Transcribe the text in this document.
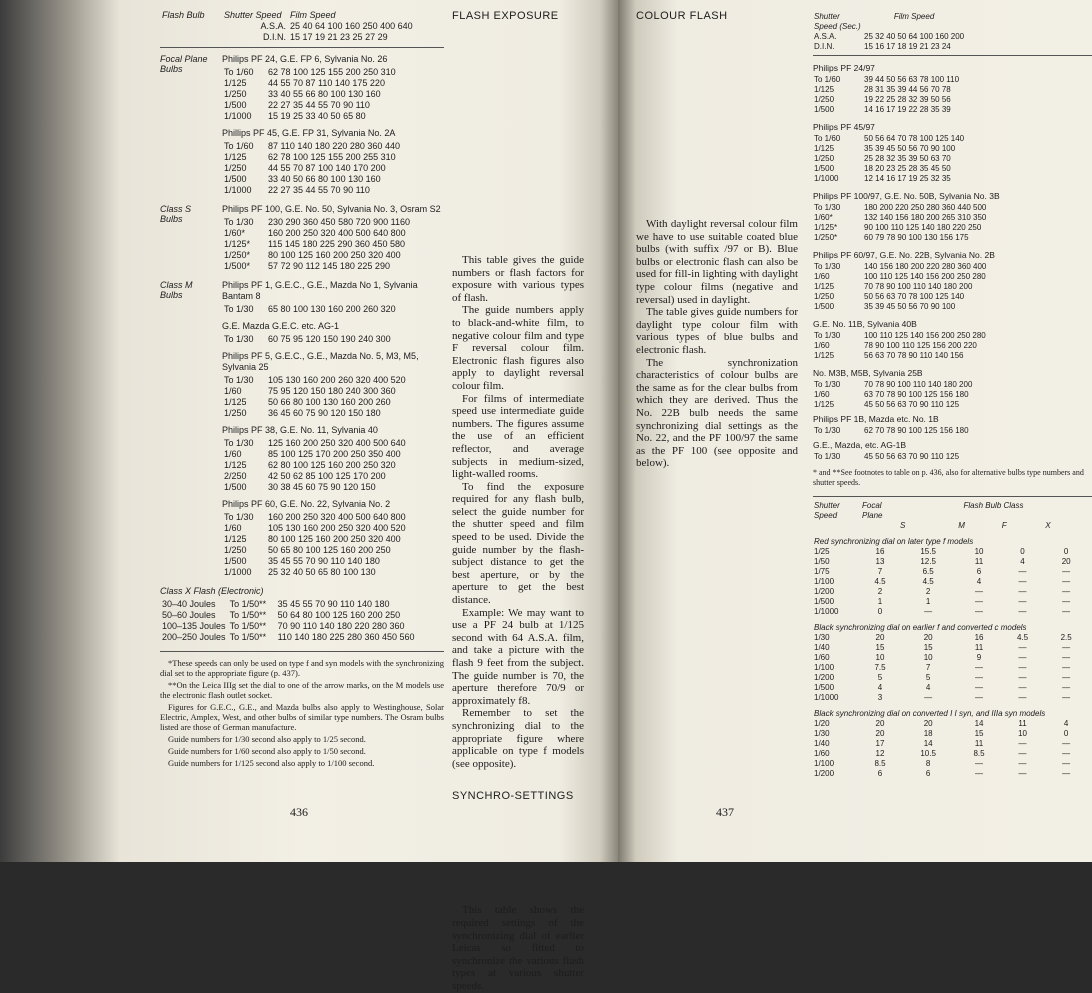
Flash Bulb	Shutter Speed	Film Speed
	A.S.A.	25 40 64 100 160 250 400 640
	D.I.N.	15 17 19 21 23 25 27 29
Focal Plane Bulbs
Philips PF 24, G.E. FP 6, Sylvania No. 26
To 1/60	62 78 100 125 155 200 250 310
1/125	44 55 70 87 110 140 175 220
1/250	33 40 55 66 80 100 130 160
1/500	22 27 35 44 55 70 90 110
1/1000	15 19 25 33 40 50 65 80
Phillips PF 45, G.E. FP 31, Sylvania No. 2A
To 1/60	87 110 140 180 220 280 360 440
1/125	62 78 100 125 155 200 255 310
1/250	44 55 70 87 100 140 170 200
1/500	33 40 50 66 80 100 130 160
1/1000	22 27 35 44 55 70 90 110
Class S Bulbs
Philips PF 100, G.E. No. 50, Sylvania No. 3, Osram S2
To 1/30	230 290 360 450 580 720 900 1160
1/60*	160 200 250 320 400 500 640 800
1/125*	115 145 180 225 290 360 450 580
1/250*	80 100 125 160 200 250 320 400
1/500*	57 72 90 112 145 180 225 290
Class M Bulbs
Philips PF 1, G.E.C., G.E., Mazda No 1, Sylvania Bantam 8
To 1/30	65 80 100 130 160 200 260 320
G.E. Mazda G.E.C. etc. AG-1
To 1/30	60 75 95 120 150 190 240 300
Philips PF 5, G.E.C., G.E., Mazda No. 5, M3, M5, Sylvania 25
To 1/30	105 130 160 200 260 320 400 520
1/60	75 95 120 150 180 240 300 360
1/125	50 66 80 100 130 160 200 260
1/250	36 45 60 75 90 120 150 180
Philips PF 38, G.E. No. 11, Sylvania 40
To 1/30	125 160 200 250 320 400 500 640
1/60	85 100 125 170 200 250 350 400
1/125	62 80 100 125 160 200 250 320
2/250	42 50 62 85 100 125 170 200
1/500	30 38 45 60 75 90 120 150
Philips PF 60, G.E. No. 22, Sylvania No. 2
To 1/30	160 200 250 320 400 500 640 800
1/60	105 130 160 200 250 320 400 520
1/125	80 100 125 160 200 250 320 400
1/250	50 65 80 100 125 160 200 250
1/500	35 45 55 70 90 110 140 180
1/1000	25 32 40 50 65 80 100 130
Class X Flash (Electronic)
30–40 Joules	To 1/50**	35 45 55 70 90 110 140 180
50–60 Joules	To 1/50**	50 64 80 100 125 160 200 250
100–135 Joules	To 1/50**	70 90 110 140 180 220 280 360
200–250 Joules	To 1/50**	110 140 180 225 280 360 450 560

*These speeds can only be used on type f and syn models with the synchronizing dial set to the appropriate figure (p. 437).

**On the Leica IIIg set the dial to one of the arrow marks, on the M models use the electronic flash outlet socket.

Figures for G.E.C., G.E., and Mazda bulbs also apply to Westinghouse, Solar Electric, Amplex, West, and other bulbs of similar type numbers. The Osram bulbs listed are those of German manufacture.

Guide numbers for 1/30 second also apply to 1/25 second.

Guide numbers for 1/60 second also apply to 1/50 second.

Guide numbers for 1/125 second also apply to 1/100 second.

436
FLASH EXPOSURE

This table gives the guide numbers or flash factors for exposure with various types of flash.

The guide numbers apply to black-and-white film, to negative colour film and type F reversal colour film. Electronic flash figures also apply to daylight reversal colour film.

For films of intermediate speed use intermediate guide numbers. The figures assume the use of an efficient reflector, and average subjects in medium-sized, light-walled rooms.

To find the exposure required for any flash bulb, select the guide number for the shutter speed and film speed to be used. Divide the guide number by the flash-subject distance to get the best aperture, or by the aperture to get the best distance.

Example: We may want to use a PF 24 bulb at 1/125 second with 64 A.S.A. film, and take a picture with the flash 9 feet from the subject. The guide number is 70, the aperture therefore 70/9 or approximately f8.

Remember to set the synchronizing dial to the appropriate figure where applicable on type f models (see opposite).

SYNCHRO-SETTINGS

This table shows the required settings of the synchronizing dial of earlier Leicas so fitted to synchronize the various flash types at various shutter speeds.

COLOUR FLASH

With daylight reversal colour film we have to use suitable coated blue bulbs (with suffix /97 or B). Blue bulbs or electronic flash can also be used for fill-in lighting with daylight type colour films (negative and reversal) used in daylight.

The table gives guide numbers for daylight type colour film with various types of blue bulbs and electronic flash.

The synchronization characteristics of colour bulbs are the same as for the clear bulbs from which they are derived. Thus the No. 22B bulb needs the same synchronizing dial settings as the No. 22, and the PF 100/97 the same as the PF 100 (see opposite and below).

437
Shutter Speed (Sec.)	Film Speed
A.S.A.	25 32 40 50 64 100 160 200
D.I.N.	15 16 17 18 19 21 23 24
Philips PF 24/97
To 1/60	39 44 50 56 63 78 100 110
1/125	28 31 35 39 44 56 70 78
1/250	19 22 25 28 32 39 50 56
1/500	14 16 17 19 22 28 35 39
Philips PF 45/97
To 1/60	50 56 64 70 78 100 125 140
1/125	35 39 45 50 56 70 90 100
1/250	25 28 32 35 39 50 63 70
1/500	18 20 23 25 28 35 45 50
1/1000	12 14 16 17 19 25 32 35
Philips PF 100/97, G.E. No. 50B, Sylvania No. 3B
To 1/30	180 200 220 250 280 360 440 500
1/60*	132 140 156 180 200 265 310 350
1/125*	90 100 110 125 140 180 220 250
1/250*	60 79 78 90 100 130 156 175
Philips PF 60/97, G.E. No. 22B, Sylvania No. 2B
To 1/30	140 156 180 200 220 280 360 400
1/60	100 110 125 140 156 200 250 280
1/125	70 78 90 100 110 140 180 200
1/250	50 56 63 70 78 100 125 140
1/500	35 39 45 50 56 70 90 100
G.E. No. 11B, Sylvania 40B
To 1/30	100 110 125 140 156 200 250 280
1/60	78 90 100 110 125 156 200 220
1/125	56 63 70 78 90 110 140 156
No. M3B, M5B, Sylvania 25B
To 1/30	70 78 90 100 110 140 180 200
1/60	63 70 78 90 100 125 156 180
1/125	45 50 56 63 70 90 110 125
Philips PF 1B, Mazda etc. No. 1B
To 1/30	62 70 78 90 100 125 156 180
G.E., Mazda, etc. AG-1B
To 1/30	45 50 56 63 70 90 110 125
* and **See footnotes to table on p. 436, also for alternative bulbs type numbers and shutter speeds.
Shutter Speed	Focal Plane	Flash Bulb Class			
		S	M	F	X
Red synchronizing dial on later type f models					
1/25	16	15.5	10	0	0
1/50	13	12.5	11	4	20
1/75	7	6.5	6	—	—
1/100	4.5	4.5	4	—	—
1/200	2	2	—	—	—
1/500	1	1	—	—	—
1/1000	0	—	—	—	—
Black synchronizing dial on earlier f and converted c models					
1/30	20	20	16	4.5	2.5
1/40	15	15	11	—	—
1/60	10	10	9	—	—
1/100	7.5	7	—	—	—
1/200	5	5	—	—	—
1/500	4	4	—	—	—
1/1000	3	—	—	—	—
Black synchronizing dial on converted I I syn, and IIIa syn models					
1/20	20	20	14	11	4
1/30	20	18	15	10	0
1/40	17	14	11	—	—
1/60	12	10.5	8.5	—	—
1/100	8.5	8	—	—	—
1/200	6	6	—	—	—
